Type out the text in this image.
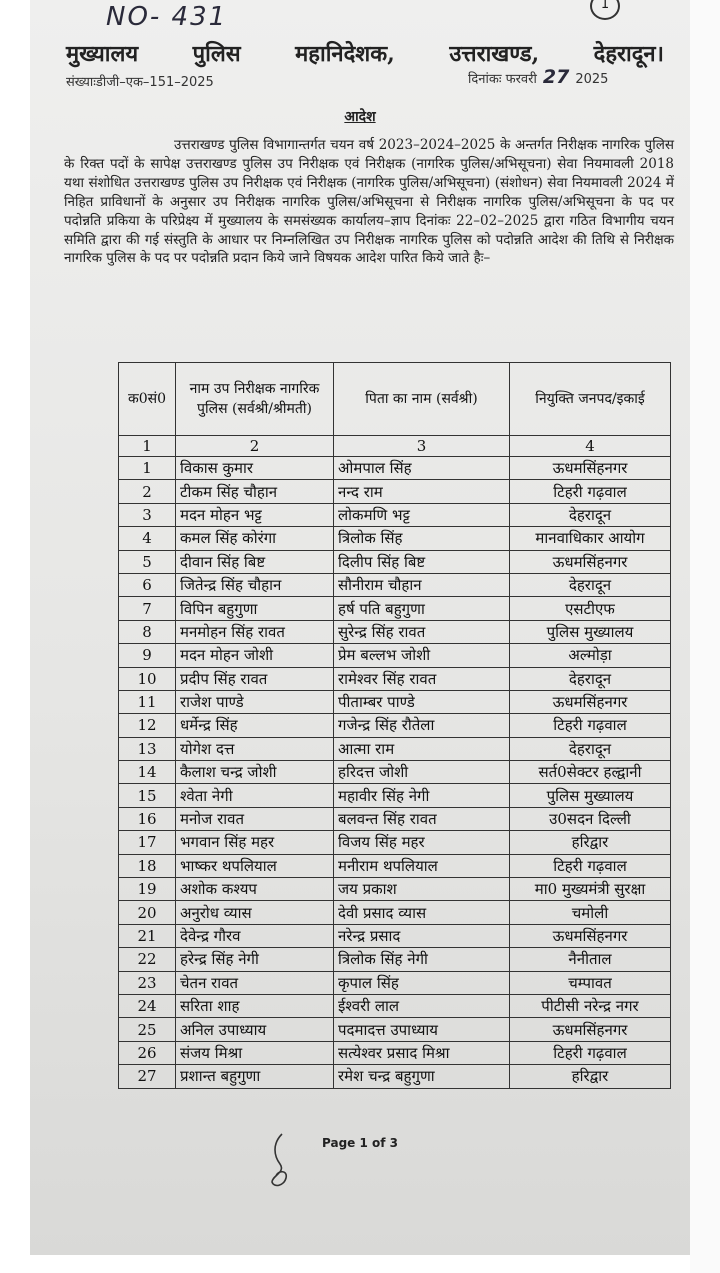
NO- 431	1
मुख्यालय पुलिस महानिदेशक, उत्तराखण्ड, देहरादून।
संख्याःडीजी–एक–151–2025	दिनांकः फरवरी 27 2025
आदेश
उत्तराखण्ड पुलिस विभागान्तर्गत चयन वर्ष 2023–2024–2025 के अन्तर्गत निरीक्षक नागरिक पुलिस के रिक्त पदों के सापेक्ष उत्तराखण्ड पुलिस उप निरीक्षक एवं निरीक्षक (नागरिक पुलिस/अभिसूचना) सेवा नियमावली 2018 यथा संशोधित उत्तराखण्ड पुलिस उप निरीक्षक एवं निरीक्षक (नागरिक पुलिस/अभिसूचना) (संशोधन) सेवा नियमावली 2024 में निहित प्राविधानों के अनुसार उप निरीक्षक नागरिक पुलिस/अभिसूचना से निरीक्षक नागरिक पुलिस/अभिसूचना के पद पर पदोन्नति प्रकिया के परिप्रेक्ष्य में मुख्यालय के समसंख्यक कार्यालय–ज्ञाप दिनांकः 22–02–2025 द्वारा गठित विभागीय चयन समिति द्वारा की गई संस्तुति के आधार पर निम्नलिखित उप निरीक्षक नागरिक पुलिस को पदोन्नति आदेश की तिथि से निरीक्षक नागरिक पुलिस के पद पर पदोन्नति प्रदान किये जाने विषयक आदेश पारित किये जाते हैः–
क0सं0	नाम उप निरीक्षक नागरिक पुलिस (सर्वश्री/श्रीमती)	पिता का नाम (सर्वश्री)	नियुक्ति जनपद/इकाई
1	2	3	4
1	विकास कुमार	ओमपाल सिंह	ऊधमसिंहनगर
2	टीकम सिंह चौहान	नन्द राम	टिहरी गढ़वाल
3	मदन मोहन भट्ट	लोकमणि भट्ट	देहरादून
4	कमल सिंह कोरंगा	त्रिलोक सिंह	मानवाधिकार आयोग
5	दीवान सिंह बिष्ट	दिलीप सिंह बिष्ट	ऊधमसिंहनगर
6	जितेन्द्र सिंह चौहान	सौनीराम चौहान	देहरादून
7	विपिन बहुगुणा	हर्ष पति बहुगुणा	एसटीएफ
8	मनमोहन सिंह रावत	सुरेन्द्र सिंह रावत	पुलिस मुख्यालय
9	मदन मोहन जोशी	प्रेम बल्लभ जोशी	अल्मोड़ा
10	प्रदीप सिंह रावत	रामेश्वर सिंह रावत	देहरादून
11	राजेश पाण्डे	पीताम्बर पाण्डे	ऊधमसिंहनगर
12	धर्मेन्द्र सिंह	गजेन्द्र सिंह रौतेला	टिहरी गढ़वाल
13	योगेश दत्त	आत्मा राम	देहरादून
14	कैलाश चन्द्र जोशी	हरिदत्त जोशी	सर्त0सेक्टर हल्द्वानी
15	श्वेता नेगी	महावीर सिंह नेगी	पुलिस मुख्यालय
16	मनोज रावत	बलवन्त सिंह रावत	उ0सदन दिल्ली
17	भगवान सिंह महर	विजय सिंह महर	हरिद्वार
18	भाष्कर थपलियाल	मनीराम थपलियाल	टिहरी गढ़वाल
19	अशोक कश्यप	जय प्रकाश	मा0 मुख्यमंत्री सुरक्षा
20	अनुरोध व्यास	देवी प्रसाद व्यास	चमोली
21	देवेन्द्र गौरव	नरेन्द्र प्रसाद	ऊधमसिंहनगर
22	हरेन्द्र सिंह नेगी	त्रिलोक सिंह नेगी	नैनीताल
23	चेतन रावत	कृपाल सिंह	चम्पावत
24	सरिता शाह	ईश्वरी लाल	पीटीसी नरेन्द्र नगर
25	अनिल उपाध्याय	पदमादत्त उपाध्याय	ऊधमसिंहनगर
26	संजय मिश्रा	सत्येश्वर प्रसाद मिश्रा	टिहरी गढ़वाल
27	प्रशान्त बहुगुणा	रमेश चन्द्र बहुगुणा	हरिद्वार
Page 1 of 3
